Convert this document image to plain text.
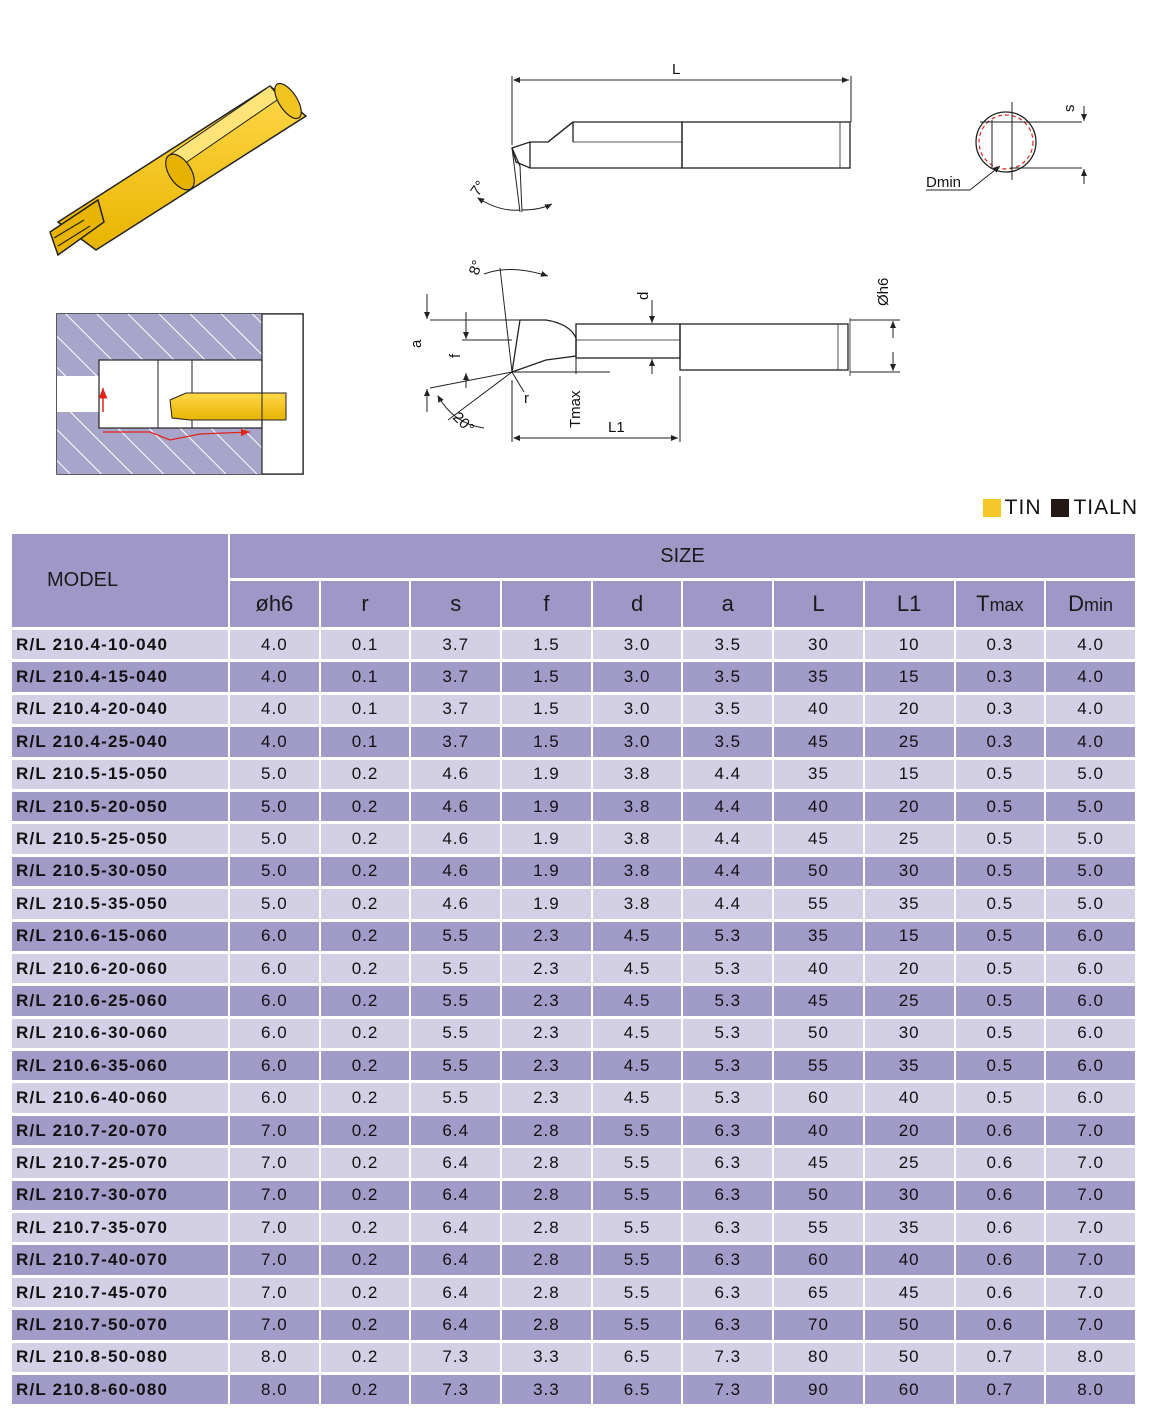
L
s
Dmin
7°
8°
20°
d	Øh6
a
f
r	Tmax L1
TIN TIALN
MODEL	SIZE									
	øh6	r	s	f	d	a	L	L1	Tmax	Dmin
R/L 210.4-10-040	4.0	0.1	3.7	1.5	3.0	3.5	30	10	0.3	4.0
R/L 210.4-15-040	4.0	0.1	3.7	1.5	3.0	3.5	35	15	0.3	4.0
R/L 210.4-20-040	4.0	0.1	3.7	1.5	3.0	3.5	40	20	0.3	4.0
R/L 210.4-25-040	4.0	0.1	3.7	1.5	3.0	3.5	45	25	0.3	4.0
R/L 210.5-15-050	5.0	0.2	4.6	1.9	3.8	4.4	35	15	0.5	5.0
R/L 210.5-20-050	5.0	0.2	4.6	1.9	3.8	4.4	40	20	0.5	5.0
R/L 210.5-25-050	5.0	0.2	4.6	1.9	3.8	4.4	45	25	0.5	5.0
R/L 210.5-30-050	5.0	0.2	4.6	1.9	3.8	4.4	50	30	0.5	5.0
R/L 210.5-35-050	5.0	0.2	4.6	1.9	3.8	4.4	55	35	0.5	5.0
R/L 210.6-15-060	6.0	0.2	5.5	2.3	4.5	5.3	35	15	0.5	6.0
R/L 210.6-20-060	6.0	0.2	5.5	2.3	4.5	5.3	40	20	0.5	6.0
R/L 210.6-25-060	6.0	0.2	5.5	2.3	4.5	5.3	45	25	0.5	6.0
R/L 210.6-30-060	6.0	0.2	5.5	2.3	4.5	5.3	50	30	0.5	6.0
R/L 210.6-35-060	6.0	0.2	5.5	2.3	4.5	5.3	55	35	0.5	6.0
R/L 210.6-40-060	6.0	0.2	5.5	2.3	4.5	5.3	60	40	0.5	6.0
R/L 210.7-20-070	7.0	0.2	6.4	2.8	5.5	6.3	40	20	0.6	7.0
R/L 210.7-25-070	7.0	0.2	6.4	2.8	5.5	6.3	45	25	0.6	7.0
R/L 210.7-30-070	7.0	0.2	6.4	2.8	5.5	6.3	50	30	0.6	7.0
R/L 210.7-35-070	7.0	0.2	6.4	2.8	5.5	6.3	55	35	0.6	7.0
R/L 210.7-40-070	7.0	0.2	6.4	2.8	5.5	6.3	60	40	0.6	7.0
R/L 210.7-45-070	7.0	0.2	6.4	2.8	5.5	6.3	65	45	0.6	7.0
R/L 210.7-50-070	7.0	0.2	6.4	2.8	5.5	6.3	70	50	0.6	7.0
R/L 210.8-50-080	8.0	0.2	7.3	3.3	6.5	7.3	80	50	0.7	8.0
R/L 210.8-60-080	8.0	0.2	7.3	3.3	6.5	7.3	90	60	0.7	8.0
